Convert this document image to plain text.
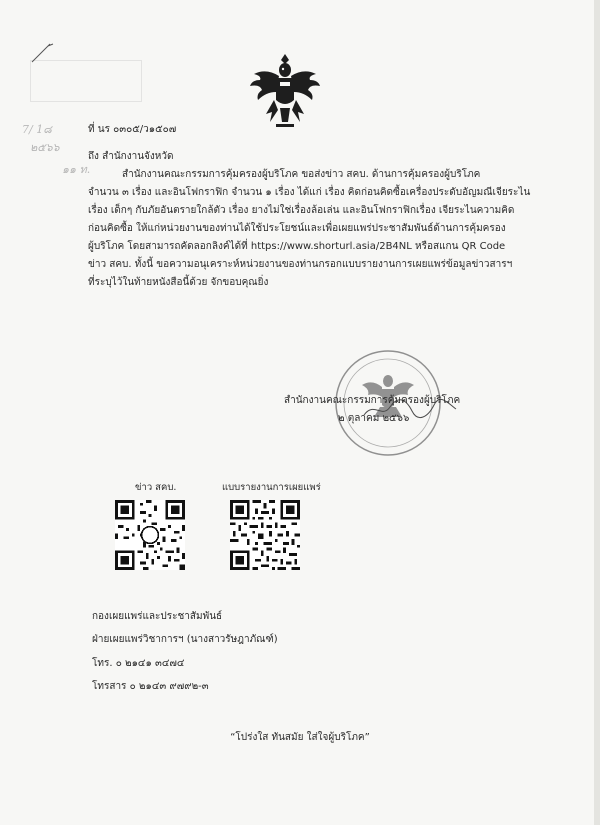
7/ 1๘
๒๕๖๖
๑๑ ท.
ที่ นร ๐๓๐๕/ว๑๕๐๗
ถึง สำนักงานจังหวัด
สำนักงานคณะกรรมการคุ้มครองผู้บริโภค ขอส่งข่าว สคบ. ด้านการคุ้มครองผู้บริโภค
จำนวน ๓ เรื่อง และอินโฟกราฟิก จำนวน ๑ เรื่อง ได้แก่ เรื่อง คิดก่อนคิดซื้อเครื่องประดับอัญมณีเจียระไน
เรื่อง เด็กๆ กับภัยอันตรายใกล้ตัว เรื่อง ยางไม่ใช่เรื่องล้อเล่น และอินโฟกราฟิกเรื่อง เจียระไนความคิด
ก่อนคิดซื้อ ให้แก่หน่วยงานของท่านได้ใช้ประโยชน์และเพื่อเผยแพร่ประชาสัมพันธ์ด้านการคุ้มครอง
ผู้บริโภค โดยสามารถคัดลอกลิงค์ได้ที่ https://www.shorturl.asia/2B4NL หรือสแกน QR Code
ข่าว สคบ. ทั้งนี้ ขอความอนุเคราะห์หน่วยงานของท่านกรอกแบบรายงานการเผยแพร่ข้อมูลข่าวสารฯ
ที่ระบุไว้ในท้ายหนังสือนี้ด้วย จักขอบคุณยิ่ง
สำนักงานคณะกรรมการคุ้มครองผู้บริโภค
๒ ตุลาคม ๒๕๖๖
ข่าว สคบ.	แบบรายงานการเผยแพร่
กองเผยแพร่และประชาสัมพันธ์
ฝ่ายเผยแพร่วิชาการฯ (นางสาวรัษฎาภัณฑ์)
โทร. ๐ ๒๑๔๑ ๓๔๗๔
โทรสาร ๐ ๒๑๔๓ ๙๗๙๒-๓
“โปร่งใส ทันสมัย ใส่ใจผู้บริโภค”
